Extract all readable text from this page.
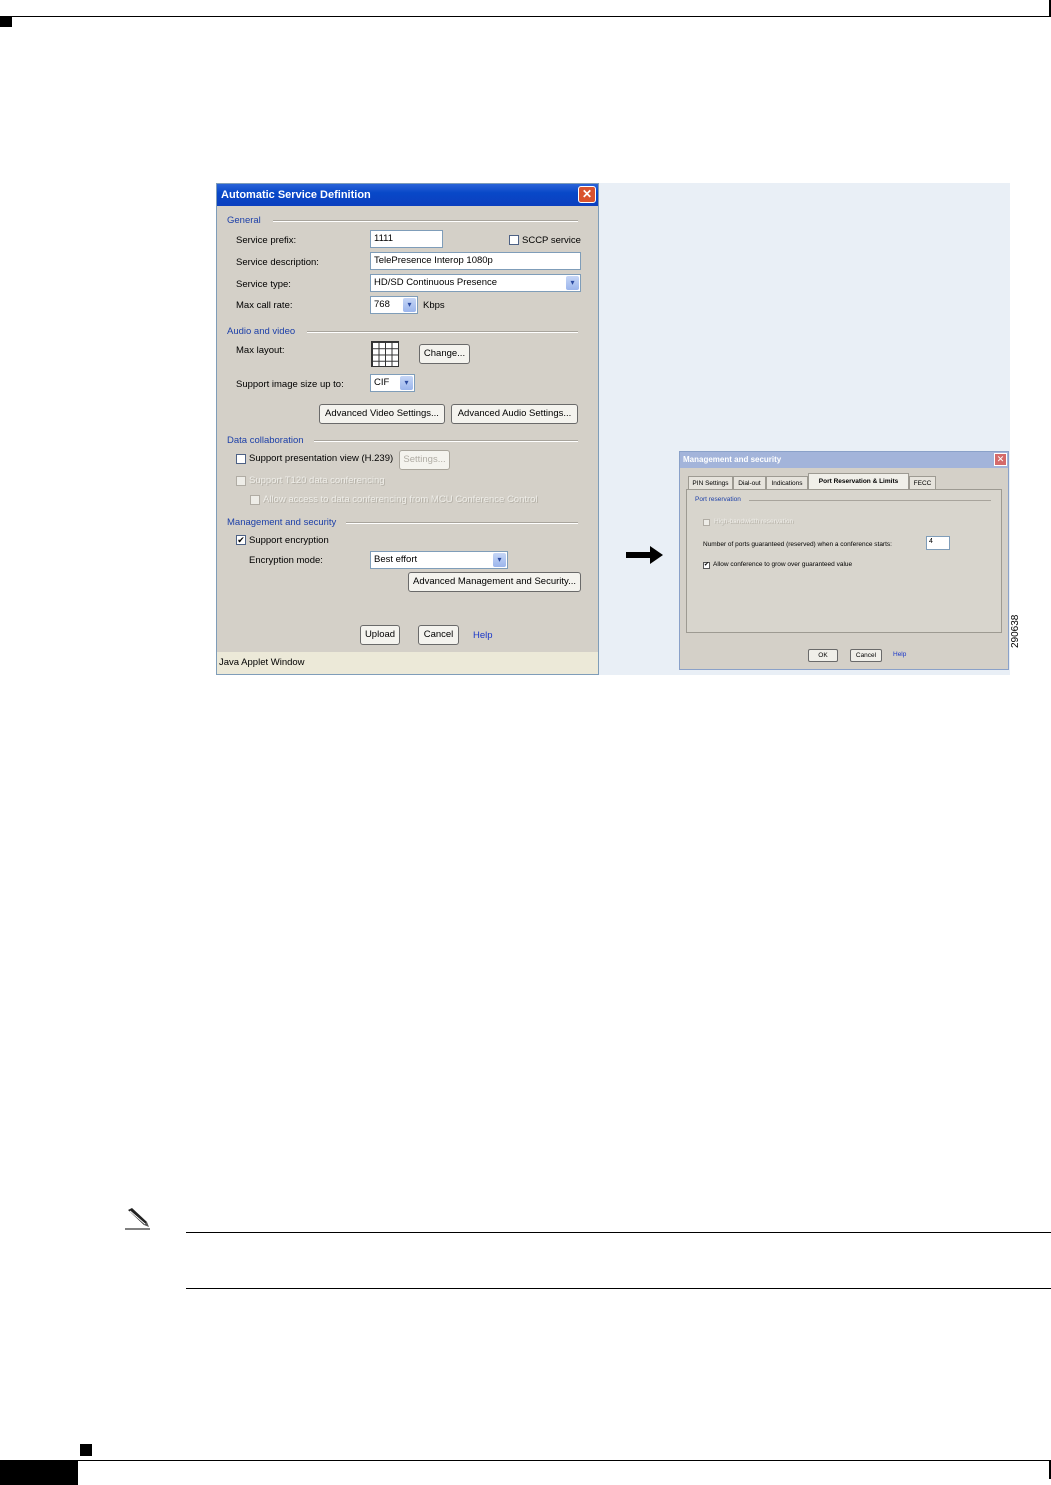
Automatic Service Definition	✕
General
Service prefix:	1111	SCCP service
Service description:	TelePresence Interop 1080p
Service type:	HD/SD Continuous Presence	▾
Max call rate:	768	▾	Kbps
Audio and video
Max layout:	Change...
Support image size up to:	CIF	▾
Advanced Video Settings...	Advanced Audio Settings...
Data collaboration
Support presentation view (H.239)	Settings...
Support T120 data conferencing
Allow access to data conferencing from MCU Conference Control
Management and security
✔ Support encryption
Encryption mode:	Best effort	▾
Advanced Management and Security...
Upload	Cancel	Help
Java Applet Window
Management and security	✕
PIN Settings	Dial-out	Indications	Port Reservation & Limits	FECC
Port reservation
High-bandwidth reservation
Number of ports guaranteed (reserved) when a conference starts:	4
✔ Allow conference to grow over guaranteed value
OK	Cancel	Help
290638
